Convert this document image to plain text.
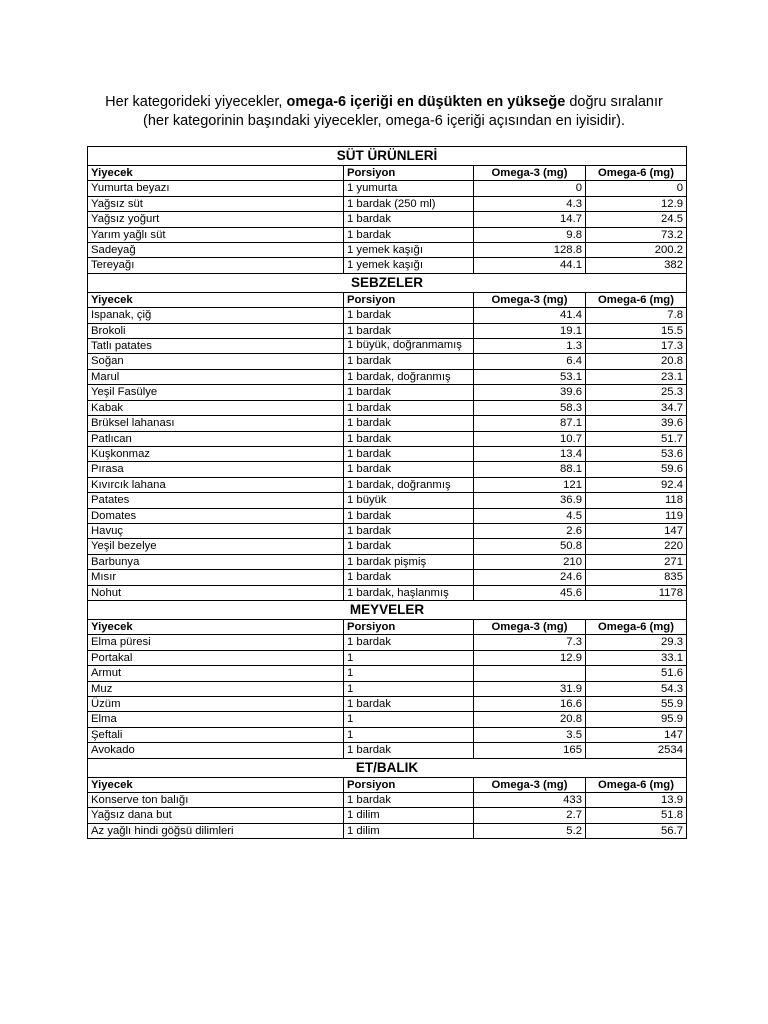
Her kategorideki yiyecekler, omega-6 içeriği en düşükten en yükseğe doğru sıralanır
(her kategorinin başındaki yiyecekler, omega-6 içeriği açısından en iyisidir).
SÜT ÜRÜNLERİ			
Yiyecek	Porsiyon	Omega-3 (mg)	Omega-6 (mg)
Yumurta beyazı	1 yumurta	0	0
Yağsız süt	1 bardak (250 ml)	4.3	12.9
Yağsız yoğurt	1 bardak	14.7	24.5
Yarım yağlı süt	1 bardak	9.8	73.2
Sadeyağ	1 yemek kaşığı	128.8	200.2
Tereyağı	1 yemek kaşığı	44.1	382
SEBZELER			
Yiyecek	Porsiyon	Omega-3 (mg)	Omega-6 (mg)
Ispanak, çiğ	1 bardak	41.4	7.8
Brokoli	1 bardak	19.1	15.5
Tatlı patates	1 büyük, doğranmamış	1.3	17.3
Soğan	1 bardak	6.4	20.8
Marul	1 bardak, doğranmış	53.1	23.1
Yeşil Fasülye	1 bardak	39.6	25.3
Kabak	1 bardak	58.3	34.7
Brüksel lahanası	1 bardak	87.1	39.6
Patlıcan	1 bardak	10.7	51.7
Kuşkonmaz	1 bardak	13.4	53.6
Pırasa	1 bardak	88.1	59.6
Kıvırcık lahana	1 bardak, doğranmış	121	92.4
Patates	1 büyük	36.9	118
Domates	1 bardak	4.5	119
Havuç	1 bardak	2.6	147
Yeşil bezelye	1 bardak	50.8	220
Barbunya	1 bardak pişmiş	210	271
Mısır	1 bardak	24.6	835
Nohut	1 bardak, haşlanmış	45.6	1178
MEYVELER			
Yiyecek	Porsiyon	Omega-3 (mg)	Omega-6 (mg)
Elma püresi	1 bardak	7.3	29.3
Portakal	1	12.9	33.1
Armut	1		51.6
Muz	1	31.9	54.3
Üzüm	1 bardak	16.6	55.9
Elma	1	20.8	95.9
Şeftali	1	3.5	147
Avokado	1 bardak	165	2534
ET/BALIK			
Yiyecek	Porsiyon	Omega-3 (mg)	Omega-6 (mg)
Konserve ton balığı	1 bardak	433	13.9
Yağsız dana but	1 dilim	2.7	51.8
Az yağlı hindi göğsü dilimleri	1 dilim	5.2	56.7
